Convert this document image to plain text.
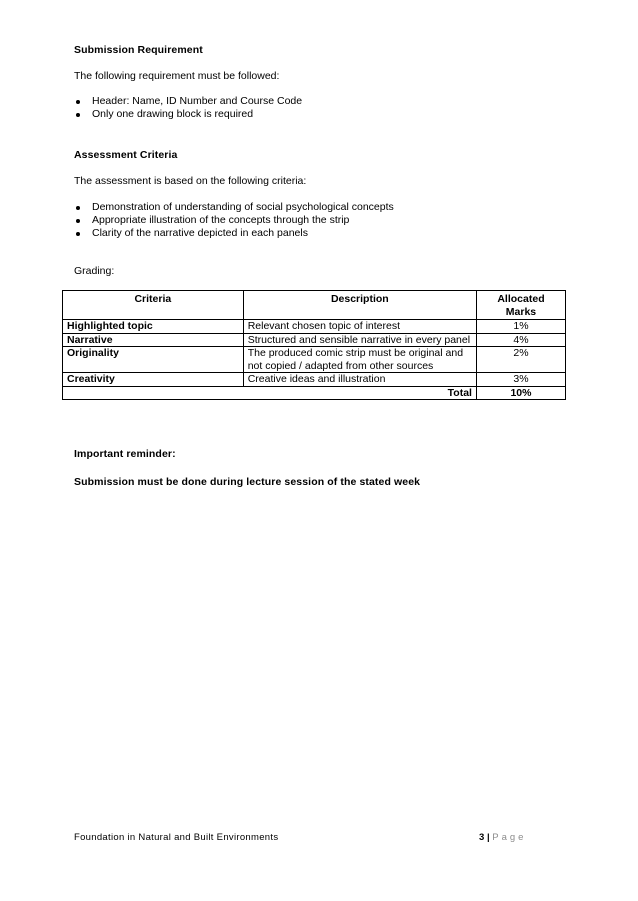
Submission Requirement
The following requirement must be followed:
Header: Name, ID Number and Course Code
Only one drawing block is required
Assessment Criteria
The assessment is based on the following criteria:
Demonstration of understanding of social psychological concepts
Appropriate illustration of the concepts through the strip
Clarity of the narrative depicted in each panels
Grading:
Criteria	Description	Allocated Marks
Highlighted topic	Relevant chosen topic of interest	1%
Narrative	Structured and sensible narrative in every panel	4%
Originality	The produced comic strip must be original and not copied / adapted from other sources	2%
Creativity	Creative ideas and illustration	3%
Total		10%
Important reminder:
Submission must be done during lecture session of the stated week
Foundation in Natural and Built Environments	3 | Page
